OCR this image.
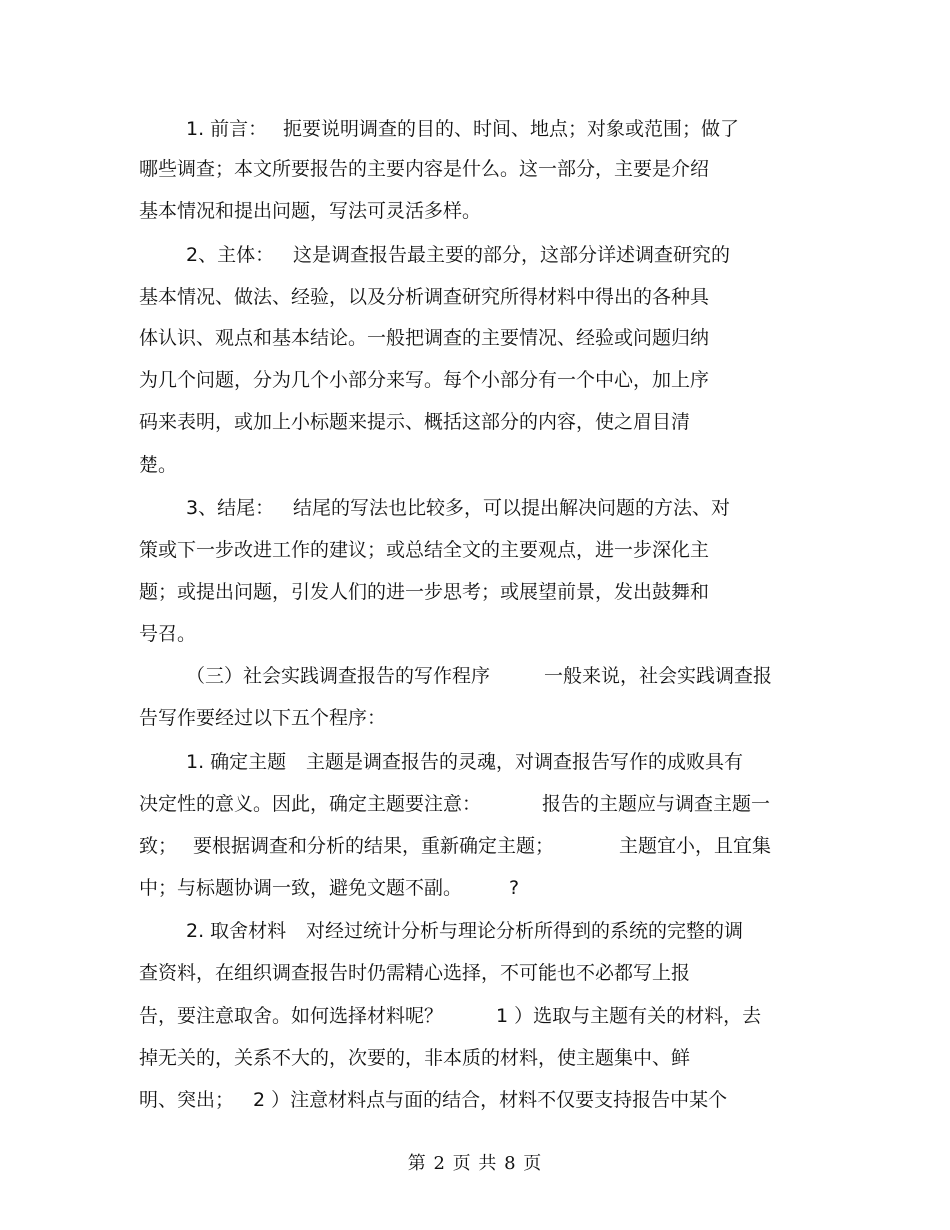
1. 前言： 扼要说明调查的目的、时间、地点；对象或范围；做了
哪些调查；本文所要报告的主要内容是什么。这一部分，主要是介绍
基本情况和提出问题，写法可灵活多样。
2、主体： 这是调查报告最主要的部分，这部分详述调查研究的
基本情况、做法、经验，以及分析调查研究所得材料中得出的各种具
体认识、观点和基本结论。一般把调查的主要情况、经验或问题归纳
为几个问题，分为几个小部分来写。每个小部分有一个中心，加上序
码来表明，或加上小标题来提示、概括这部分的内容，使之眉目清
楚。
3、结尾： 结尾的写法也比较多，可以提出解决问题的方法、对
策或下一步改进工作的建议；或总结全文的主要观点，进一步深化主
题；或提出问题，引发人们的进一步思考；或展望前景，发出鼓舞和
号召。
（三）社会实践调查报告的写作程序	一般来说，社会实践调查报
告写作要经过以下五个程序：
1. 确定主题 主题是调查报告的灵魂，对调查报告写作的成败具有
决定性的意义。因此，确定主题要注意：	报告的主题应与调查主题一
致； 要根据调查和分析的结果，重新确定主题；	主题宜小，且宜集
中；与标题协调一致，避免文题不副。 ?
2. 取舍材料 对经过统计分析与理论分析所得到的系统的完整的调
查资料，在组织调查报告时仍需精心选择，不可能也不必都写上报
告，要注意取舍。如何选择材料呢？	1 ）选取与主题有关的材料，去
掉无关的，关系不大的，次要的，非本质的材料，使主题集中、鲜
明、突出； 2 ）注意材料点与面的结合，材料不仅要支持报告中某个
第 2 页 共 8 页
